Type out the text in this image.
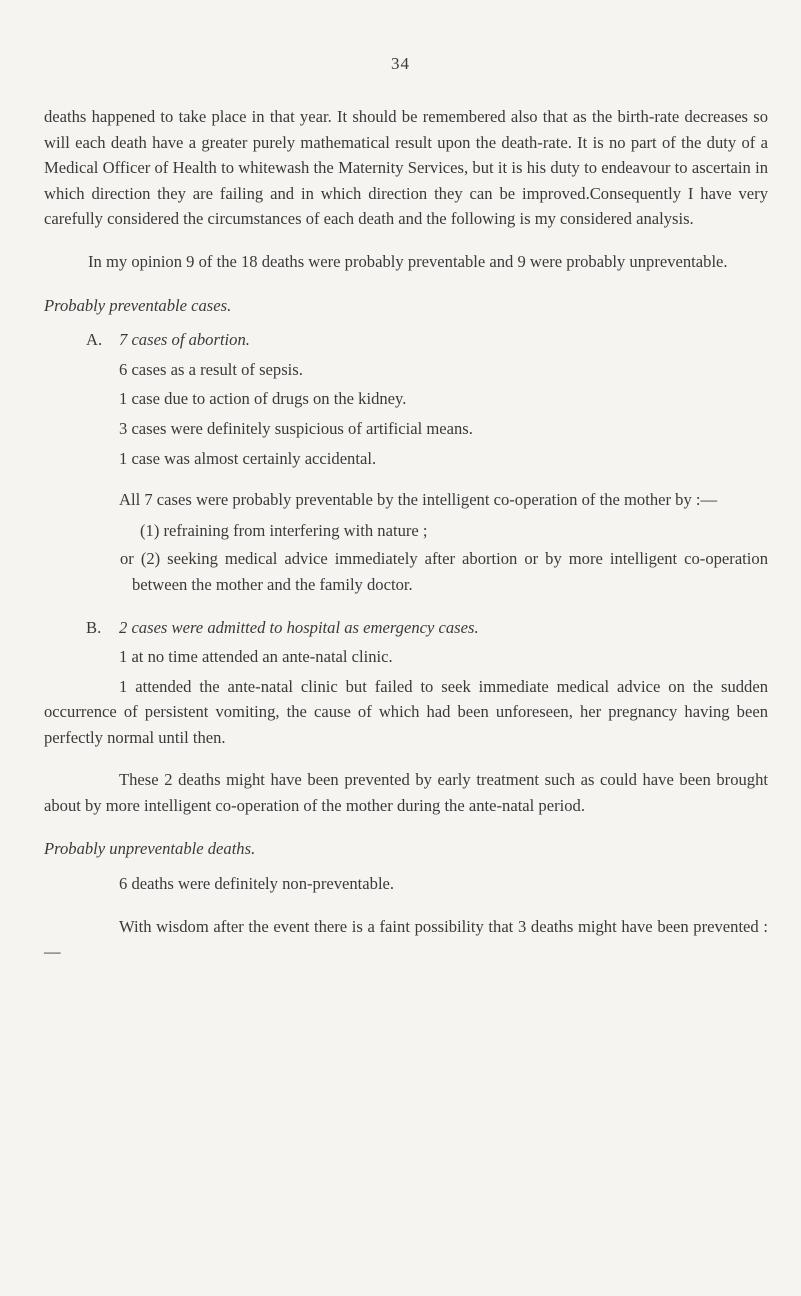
34

deaths happened to take place in that year. It should be remembered also that as the birth-rate decreases so will each death have a greater purely mathematical result upon the death-rate. It is no part of the duty of a Medical Officer of Health to whitewash the Maternity Services, but it is his duty to endeavour to ascertain in which direction they are failing and in which direction they can be improved.Consequently I have very carefully considered the circumstances of each death and the following is my considered analysis.

In my opinion 9 of the 18 deaths were probably preventable and 9 were probably unpreventable.

Probably preventable cases.

A. 7 cases of abortion.

6 cases as a result of sepsis.

1 case due to action of drugs on the kidney.

3 cases were definitely suspicious of artificial means.

1 case was almost certainly accidental.

All 7 cases were probably preventable by the intelligent co-operation of the mother by :—

(1) refraining from interfering with nature ;

or (2) seeking medical advice immediately after abortion or by more intelligent co-operation between the mother and the family doctor.

B. 2 cases were admitted to hospital as emergency cases.

1 at no time attended an ante-natal clinic.

1 attended the ante-natal clinic but failed to seek immediate medical advice on the sudden occurrence of persistent vomiting, the cause of which had been unforeseen, her pregnancy having been perfectly normal until then.

These 2 deaths might have been prevented by early treatment such as could have been brought about by more intelligent co-operation of the mother during the ante-natal period.

Probably unpreventable deaths.

6 deaths were definitely non-preventable.

With wisdom after the event there is a faint possibility that 3 deaths might have been prevented :—
